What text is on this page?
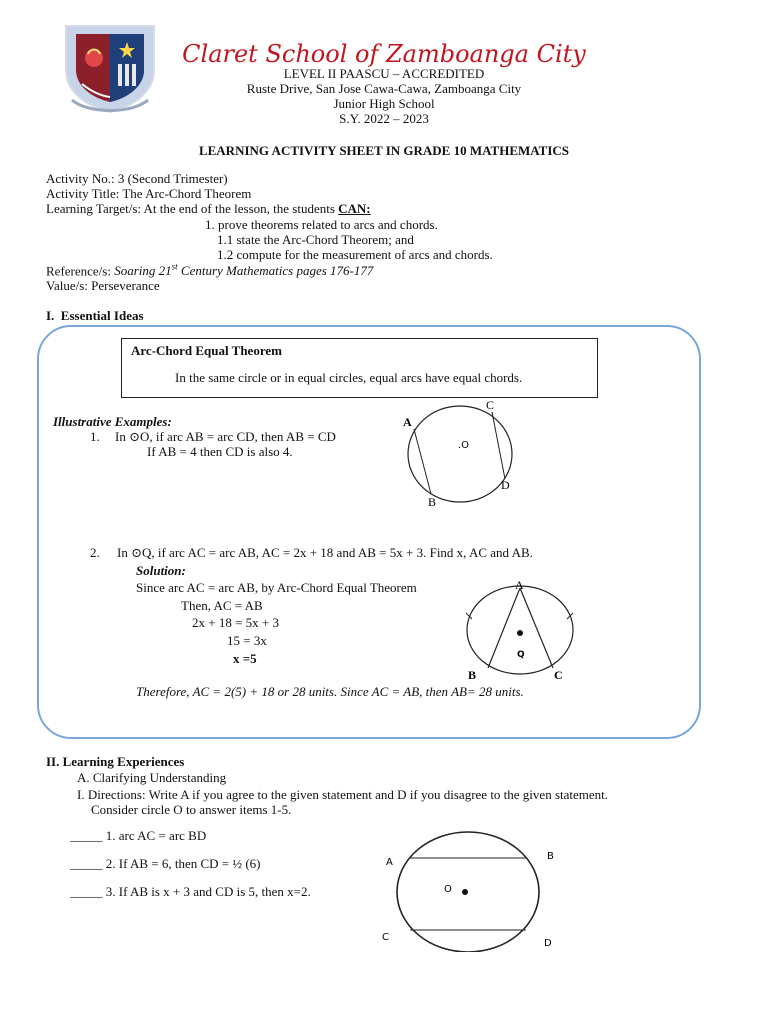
Claret School of Zamboanga City
LEVEL II PAASCU – ACCREDITED
Ruste Drive, San Jose Cawa-Cawa, Zamboanga City
Junior High School
S.Y. 2022 – 2023
LEARNING ACTIVITY SHEET IN GRADE 10 MATHEMATICS
Activity No.: 3 (Second Trimester)
Activity Title: The Arc-Chord Theorem
Learning Target/s: At the end of the lesson, the students CAN:
1. prove theorems related to arcs and chords.
1.1 state the Arc-Chord Theorem; and
1.2 compute for the measurement of arcs and chords.
Reference/s: Soaring 21st Century Mathematics pages 176-177
Value/s: Perseverance
I. Essential Ideas
Arc-Chord Equal Theorem
In the same circle or in equal circles, equal arcs have equal chords.
Illustrative Examples:
1. In ⊙O, if arc AB = arc CD, then AB = CD
If AB = 4 then CD is also 4.
A
B
C
D
.O
2. In ⊙Q, if arc AC = arc AB, AC = 2x + 18 and AB = 5x + 3. Find x, AC and AB.
Solution:
Since arc AC = arc AB, by Arc-Chord Equal Theorem
Then, AC = AB
2x + 18 = 5x + 3
15 = 3x
x =5
Therefore, AC = 2(5) + 18 or 28 units. Since AC = AB, then AB= 28 units.
A
B	C
Q
II. Learning Experiences
A. Clarifying Understanding
I. Directions: Write A if you agree to the given statement and D if you disagree to the given statement.
Consider circle O to answer items 1-5.
_____ 1. arc AC = arc BD
_____ 2. If AB = 6, then CD = ½ (6)
_____ 3. If AB is x + 3 and CD is 5, then x=2.
A
B
C
D
O
